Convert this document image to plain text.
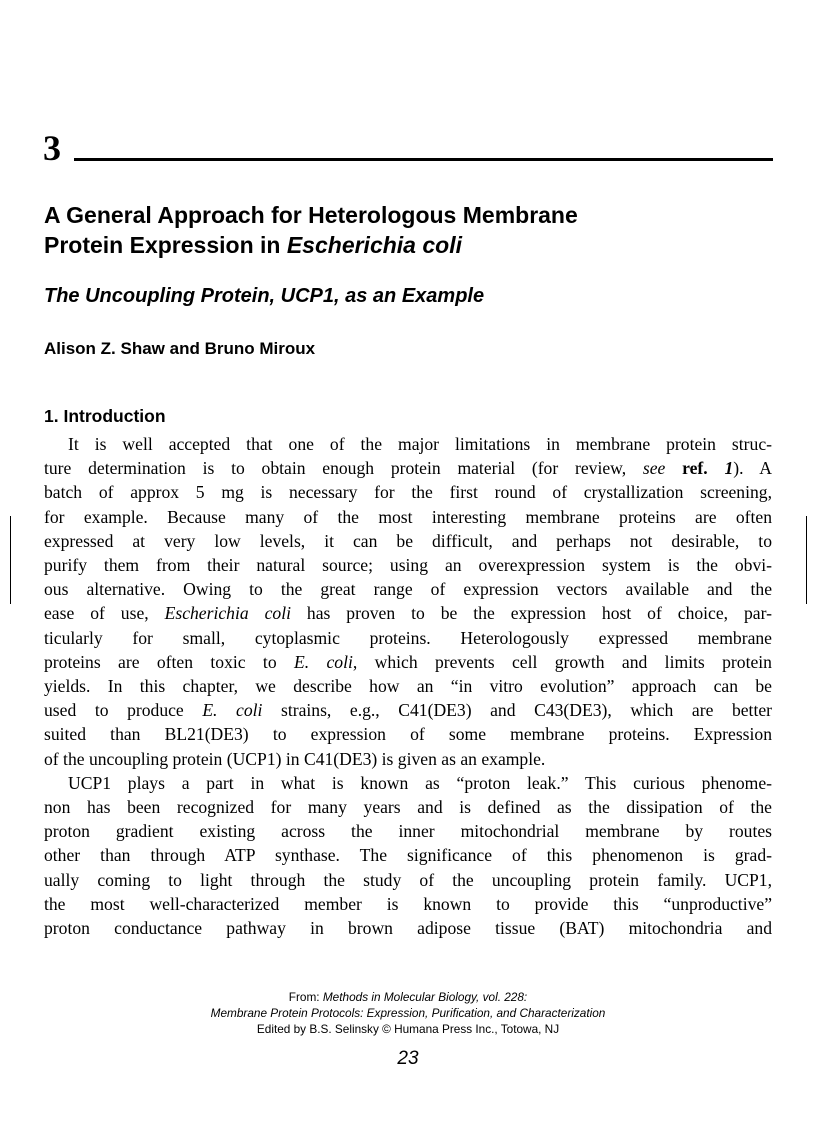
3
A General Approach for Heterologous Membrane
Protein Expression in Escherichia coli
The Uncoupling Protein, UCP1, as an Example

Alison Z. Shaw and Bruno Miroux

1. Introduction
It is well accepted that one of the major limitations in membrane protein struc-
ture determination is to obtain enough protein material (for review, see ref. 1). A
batch of approx 5 mg is necessary for the first round of crystallization screening,
for example. Because many of the most interesting membrane proteins are often
expressed at very low levels, it can be difficult, and perhaps not desirable, to
purify them from their natural source; using an overexpression system is the obvi-
ous alternative. Owing to the great range of expression vectors available and the
ease of use, Escherichia coli has proven to be the expression host of choice, par-
ticularly for small, cytoplasmic proteins. Heterologously expressed membrane
proteins are often toxic to E. coli, which prevents cell growth and limits protein
yields. In this chapter, we describe how an “in vitro evolution” approach can be
used to produce E. coli strains, e.g., C41(DE3) and C43(DE3), which are better
suited than BL21(DE3) to expression of some membrane proteins. Expression
of the uncoupling protein (UCP1) in C41(DE3) is given as an example.
UCP1 plays a part in what is known as “proton leak.” This curious phenome-
non has been recognized for many years and is defined as the dissipation of the
proton gradient existing across the inner mitochondrial membrane by routes
other than through ATP synthase. The significance of this phenomenon is grad-
ually coming to light through the study of the uncoupling protein family. UCP1,
the most well-characterized member is known to provide this “unproductive”
proton conductance pathway in brown adipose tissue (BAT) mitochondria and
From: Methods in Molecular Biology, vol. 228:
Membrane Protein Protocols: Expression, Purification, and Characterization
Edited by B.S. Selinsky © Humana Press Inc., Totowa, NJ
23
